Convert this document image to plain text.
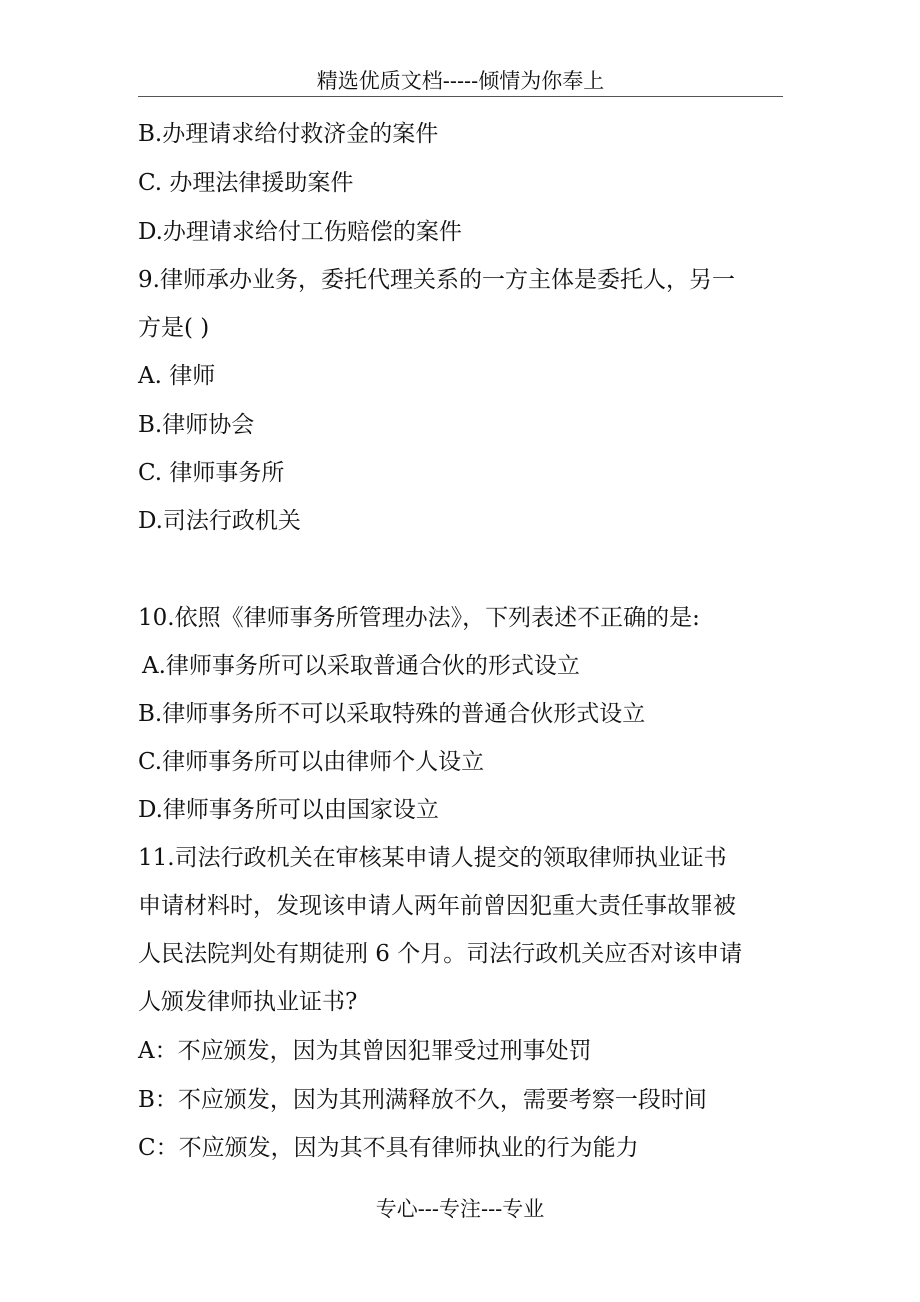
精选优质文档-----倾情为你奉上
B.办理请求给付救济金的案件
C. 办理法律援助案件
D.办理请求给付工伤赔偿的案件
9.律师承办业务，委托代理关系的一方主体是委托人，另一
方是( )
A. 律师
B.律师协会
C. 律师事务所
D.司法行政机关
10.依照《律师事务所管理办法》，下列表述不正确的是:
A.律师事务所可以采取普通合伙的形式设立
B.律师事务所不可以采取特殊的普通合伙形式设立
C.律师事务所可以由律师个人设立
D.律师事务所可以由国家设立
11.司法行政机关在审核某申请人提交的领取律师执业证书
申请材料时，发现该申请人两年前曾因犯重大责任事故罪被
人民法院判处有期徒刑 6 个月。司法行政机关应否对该申请
人颁发律师执业证书?
A：不应颁发，因为其曾因犯罪受过刑事处罚
B：不应颁发，因为其刑满释放不久，需要考察一段时间
C：不应颁发，因为其不具有律师执业的行为能力
专心---专注---专业
